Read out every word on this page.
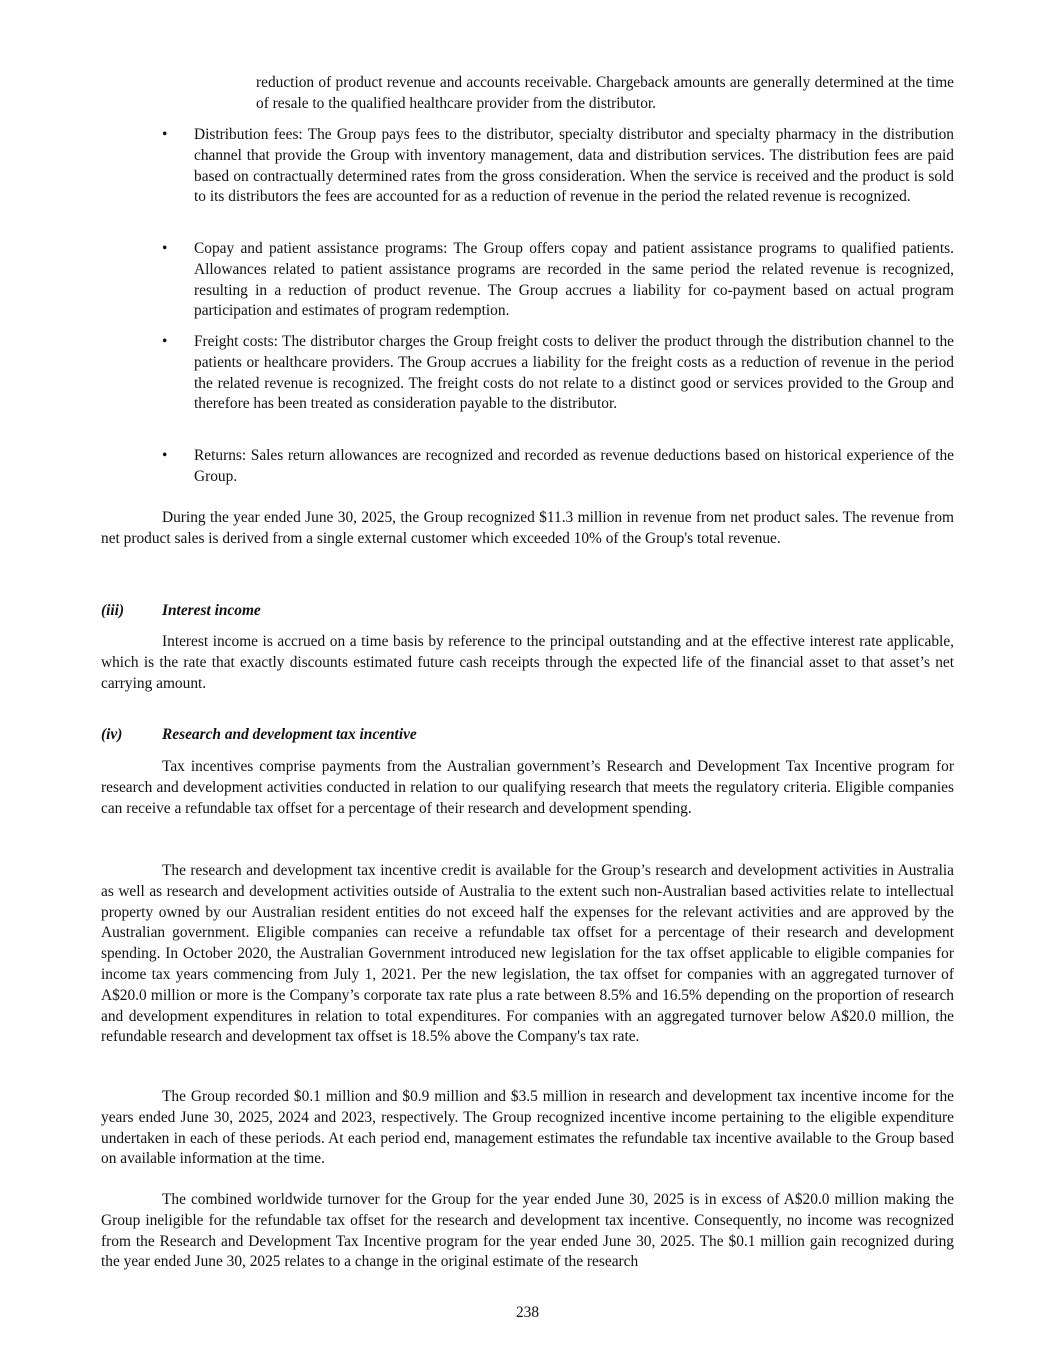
reduction of product revenue and accounts receivable. Chargeback amounts are generally determined at the time of resale to the qualified healthcare provider from the distributor.

•	Distribution fees: The Group pays fees to the distributor, specialty distributor and specialty pharmacy in the distribution channel that provide the Group with inventory management, data and distribution services. The distribution fees are paid based on contractually determined rates from the gross consideration. When the service is received and the product is sold to its distributors the fees are accounted for as a reduction of revenue in the period the related revenue is recognized.

•	Copay and patient assistance programs: The Group offers copay and patient assistance programs to qualified patients. Allowances related to patient assistance programs are recorded in the same period the related revenue is recognized, resulting in a reduction of product revenue. The Group accrues a liability for co-payment based on actual program participation and estimates of program redemption.

•	Freight costs: The distributor charges the Group freight costs to deliver the product through the distribution channel to the patients or healthcare providers. The Group accrues a liability for the freight costs as a reduction of revenue in the period the related revenue is recognized. The freight costs do not relate to a distinct good or services provided to the Group and therefore has been treated as consideration payable to the distributor.

•	Returns: Sales return allowances are recognized and recorded as revenue deductions based on historical experience of the Group.

During the year ended June 30, 2025, the Group recognized $11.3 million in revenue from net product sales. The revenue from net product sales is derived from a single external customer which exceeded 10% of the Group's total revenue.

(iii) Interest income

Interest income is accrued on a time basis by reference to the principal outstanding and at the effective interest rate applicable, which is the rate that exactly discounts estimated future cash receipts through the expected life of the financial asset to that asset’s net carrying amount.

(iv)	Research and development tax incentive

Tax incentives comprise payments from the Australian government’s Research and Development Tax Incentive program for research and development activities conducted in relation to our qualifying research that meets the regulatory criteria. Eligible companies can receive a refundable tax offset for a percentage of their research and development spending.

The research and development tax incentive credit is available for the Group’s research and development activities in Australia as well as research and development activities outside of Australia to the extent such non-Australian based activities relate to intellectual property owned by our Australian resident entities do not exceed half the expenses for the relevant activities and are approved by the Australian government. Eligible companies can receive a refundable tax offset for a percentage of their research and development spending. In October 2020, the Australian Government introduced new legislation for the tax offset applicable to eligible companies for income tax years commencing from July 1, 2021. Per the new legislation, the tax offset for companies with an aggregated turnover of A$20.0 million or more is the Company’s corporate tax rate plus a rate between 8.5% and 16.5% depending on the proportion of research and development expenditures in relation to total expenditures. For companies with an aggregated turnover below A$20.0 million, the refundable research and development tax offset is 18.5% above the Company's tax rate.

The Group recorded $0.1 million and $0.9 million and $3.5 million in research and development tax incentive income for the years ended June 30, 2025, 2024 and 2023, respectively. The Group recognized incentive income pertaining to the eligible expenditure undertaken in each of these periods. At each period end, management estimates the refundable tax incentive available to the Group based on available information at the time.

The combined worldwide turnover for the Group for the year ended June 30, 2025 is in excess of A$20.0 million making the Group ineligible for the refundable tax offset for the research and development tax incentive. Consequently, no income was recognized from the Research and Development Tax Incentive program for the year ended June 30, 2025. The $0.1 million gain recognized during the year ended June 30, 2025 relates to a change in the original estimate of the research

238
